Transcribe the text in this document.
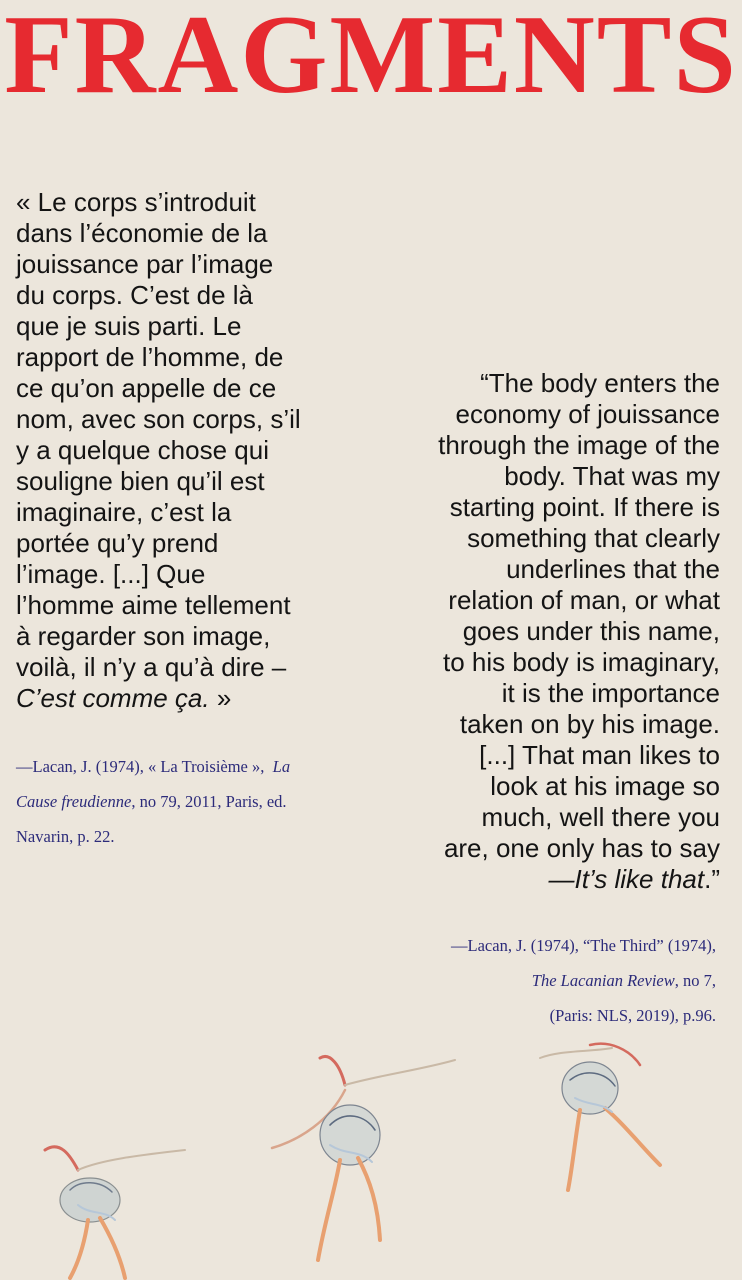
FRAGMENTS
« Le corps s’introduit
dans l’économie de la
jouissance par l’image
du corps. C’est de là
que je suis parti. Le
rapport de l’homme, de
ce qu’on appelle de ce
nom, avec son corps, s’il
y a quelque chose qui
souligne bien qu’il est
imaginaire, c’est la
portée qu’y prend
l’image. [...] Que
l’homme aime tellement
à regarder son image,
voilà, il n’y a qu’à dire –
C’est comme ça. »
—Lacan, J. (1974), « La Troisième », La
Cause freudienne, no 79, 2011, Paris, ed.
Navarin, p. 22.
“The body enters the
economy of jouissance
through the image of the
body. That was my
starting point. If there is
something that clearly
underlines that the
relation of man, or what
goes under this name,
to his body is imaginary,
it is the importance
taken on by his image.
[...] That man likes to
look at his image so
much, well there you
are, one only has to say
—It’s like that.”
—Lacan, J. (1974), “The Third” (1974),
The Lacanian Review, no 7,
(Paris: NLS, 2019), p.96.
